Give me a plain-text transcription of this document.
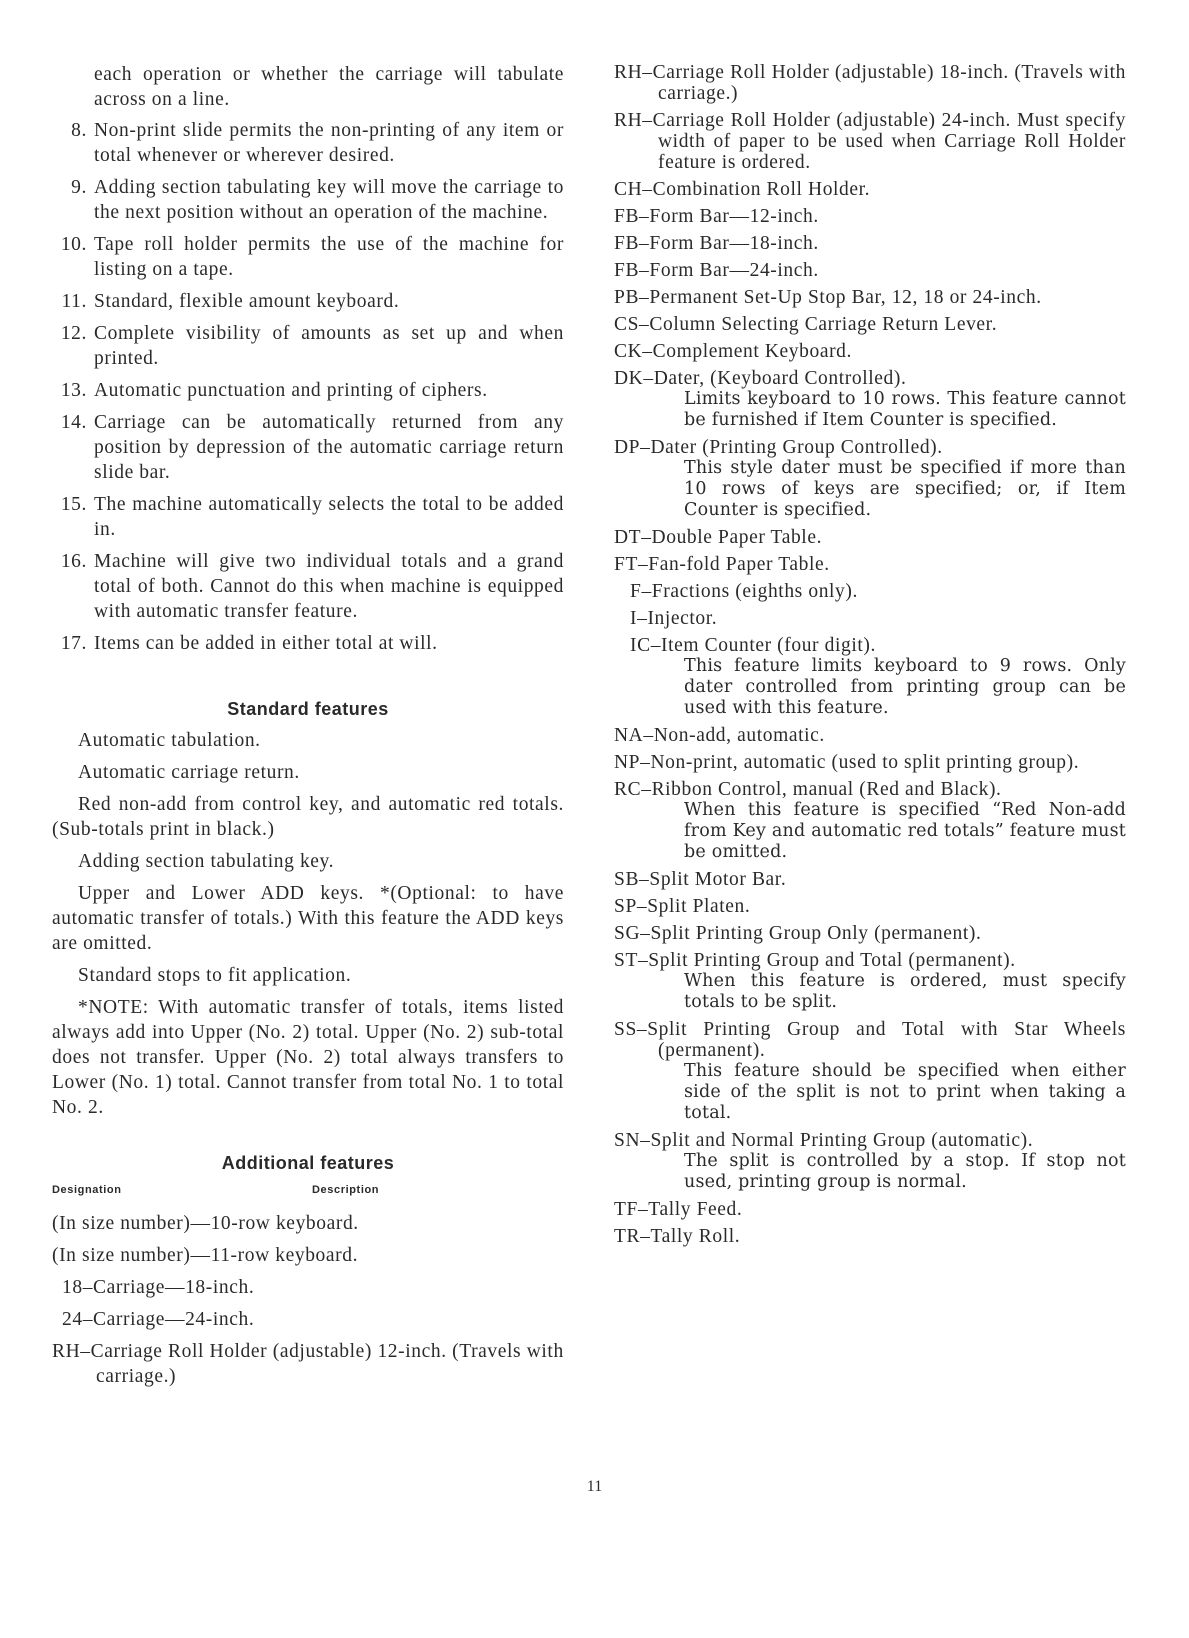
each operation or whether the carriage will tabulate across on a line.

8. Non-print slide permits the non-printing of any item or total whenever or wherever desired.
9. Adding section tabulating key will move the carriage to the next position without an operation of the machine.
10. Tape roll holder permits the use of the machine for listing on a tape.
11. Standard, flexible amount keyboard.
12. Complete visibility of amounts as set up and when printed.
13. Automatic punctuation and printing of ciphers.
14. Carriage can be automatically returned from any position by depression of the automatic carriage return slide bar.
15. The machine automatically selects the total to be added in.
16. Machine will give two individual totals and a grand total of both. Cannot do this when machine is equipped with automatic transfer feature.
17. Items can be added in either total at will.

Standard features

Automatic tabulation.

Automatic carriage return.

Red non-add from control key, and automatic red totals. (Sub-totals print in black.)

Adding section tabulating key.

Upper and Lower ADD keys. *(Optional: to have automatic transfer of totals.) With this feature the ADD keys are omitted.

Standard stops to fit application.

*NOTE: With automatic transfer of totals, items listed always add into Upper (No. 2) total. Upper (No. 2) sub-total does not transfer. Upper (No. 2) total always transfers to Lower (No. 1) total. Cannot transfer from total No. 1 to total No. 2.

Additional features

Designation	Description

(In size number)—10-row keyboard.

(In size number)—11-row keyboard.

18–Carriage—18-inch.

24–Carriage—24-inch.

RH–Carriage Roll Holder (adjustable) 12-inch. (Travels with carriage.)

RH–Carriage Roll Holder (adjustable) 18-inch. (Travels with carriage.)

RH–Carriage Roll Holder (adjustable) 24-inch. Must specify width of paper to be used when Carriage Roll Holder feature is ordered.

CH–Combination Roll Holder.

FB–Form Bar—12-inch.

FB–Form Bar—18-inch.

FB–Form Bar—24-inch.

PB–Permanent Set-Up Stop Bar, 12, 18 or 24-inch.

CS–Column Selecting Carriage Return Lever.

CK–Complement Keyboard.

DK–Dater, (Keyboard Controlled).

Limits keyboard to 10 rows. This feature cannot be furnished if Item Counter is specified.

DP–Dater (Printing Group Controlled).

This style dater must be specified if more than 10 rows of keys are specified; or, if Item Counter is specified.

DT–Double Paper Table.

FT–Fan-fold Paper Table.

F–Fractions (eighths only).

I–Injector.

IC–Item Counter (four digit).

This feature limits keyboard to 9 rows. Only dater controlled from printing group can be used with this feature.

NA–Non-add, automatic.

NP–Non-print, automatic (used to split printing group).

RC–Ribbon Control, manual (Red and Black).

When this feature is specified “Red Non-add from Key and automatic red totals” feature must be omitted.

SB–Split Motor Bar.

SP–Split Platen.

SG–Split Printing Group Only (permanent).

ST–Split Printing Group and Total (permanent).

When this feature is ordered, must specify totals to be split.

SS–Split Printing Group and Total with Star Wheels (permanent).

This feature should be specified when either side of the split is not to print when taking a total.

SN–Split and Normal Printing Group (automatic).

The split is controlled by a stop. If stop not used, printing group is normal.

TF–Tally Feed.

TR–Tally Roll.

11
